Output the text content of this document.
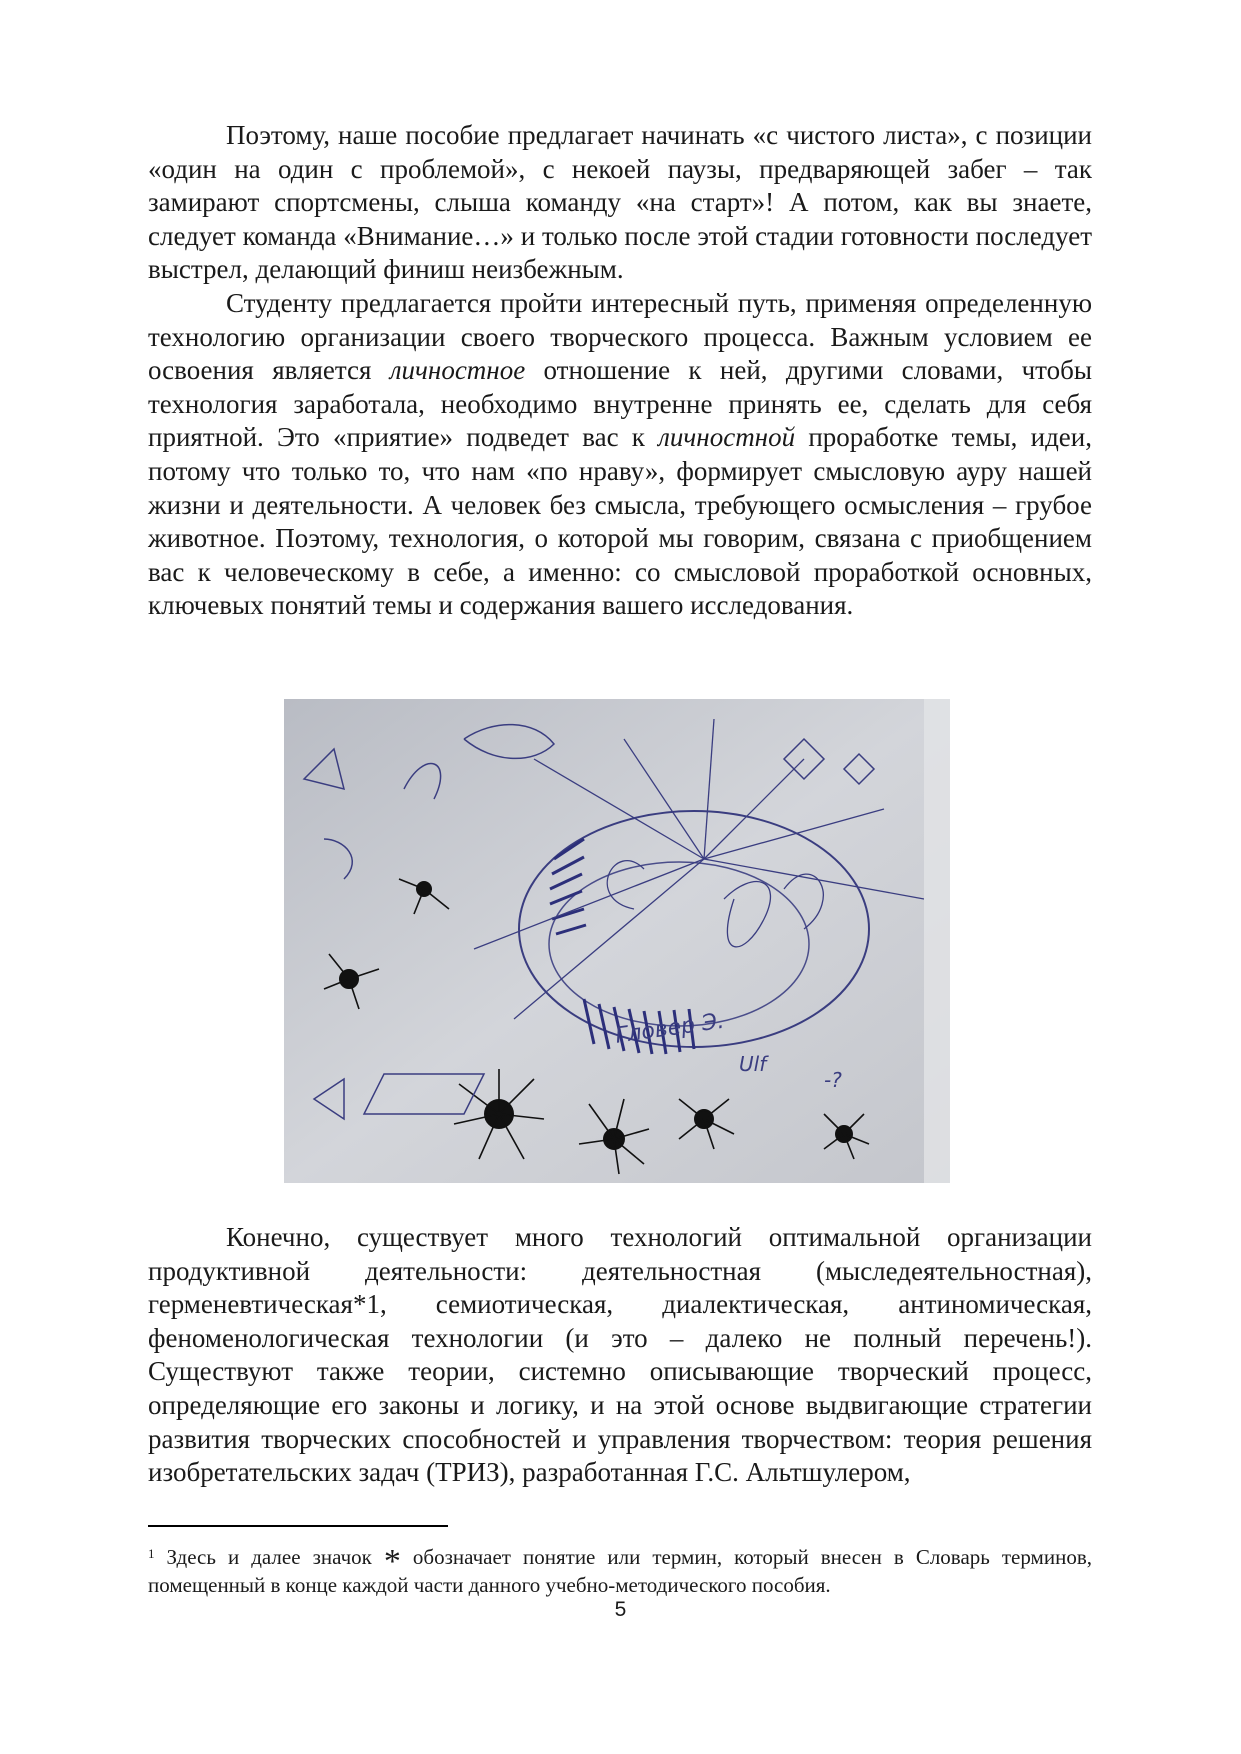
Поэтому, наше пособие предлагает начинать «с чистого листа», с позиции «один на один с проблемой», с некоей паузы, предваряющей забег – так замирают спортсмены, слыша команду «на старт»! А потом, как вы знаете, следует команда «Внимание…» и только после этой стадии готовности последует выстрел, делающий финиш неизбежным.

Студенту предлагается пройти интересный путь, применяя определенную технологию организации своего творческого процесса. Важным условием ее освоения является личностное отношение к ней, другими словами, чтобы технология заработала, необходимо внутренне принять ее, сделать для себя приятной. Это «приятие» подведет вас к личностной проработке темы, идеи, потому что только то, что нам «по нраву», формирует смысловую ауру нашей жизни и деятельности. А человек без смысла, требующего осмысления – грубое животное. Поэтому, технология, о которой мы говорим, связана с приобщением вас к человеческому в себе, а именно: со смысловой проработкой основных, ключевых понятий темы и содержания вашего исследования.

Гловер Э.
Ulf
-?

Конечно, существует много технологий оптимальной организации продуктивной деятельности: деятельностная (мыследеятельностная), герменевтическая*1, семиотическая, диалектическая, антиномическая, феноменологическая технологии (и это – далеко не полный перечень!). Существуют также теории, системно описывающие творческий процесс, определяющие его законы и логику, и на этой основе выдвигающие стратегии развития творческих способностей и управления творчеством: теория решения изобретательских задач (ТРИЗ), разработанная Г.С. Альтшулером,

$^1$ Здесь и далее значок * обозначает понятие или термин, который внесен в Словарь терминов, помещенный в конце каждой части данного учебно-методического пособия.
5
